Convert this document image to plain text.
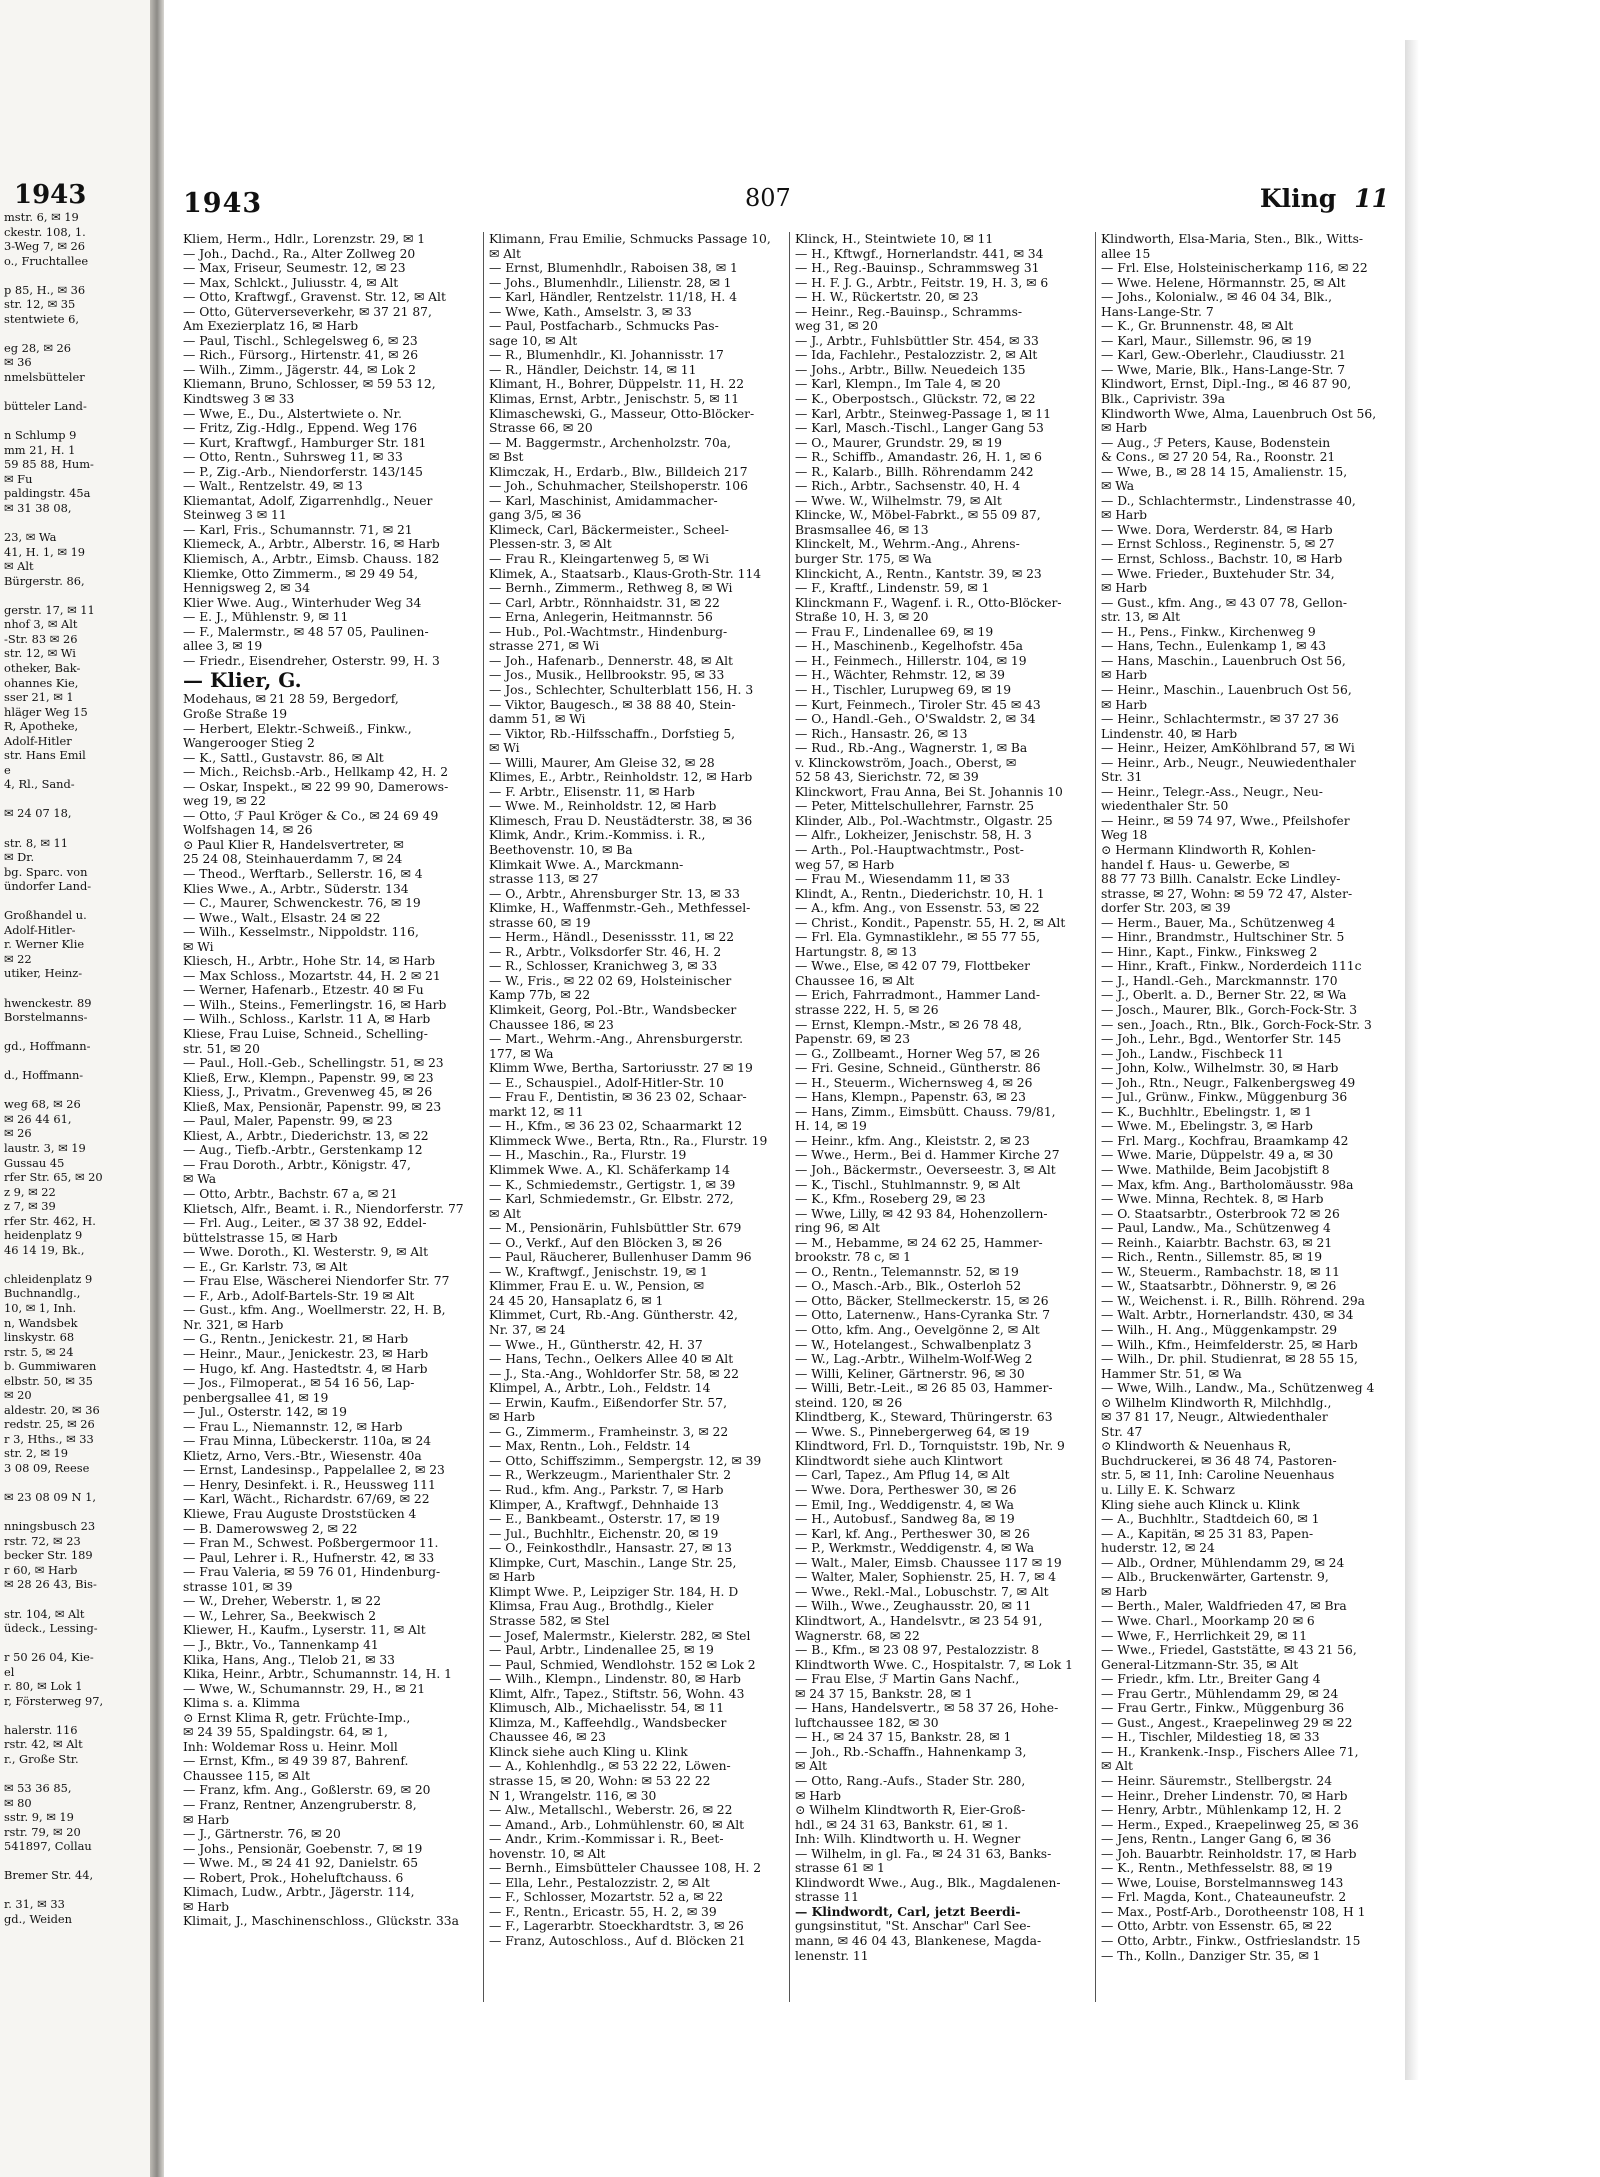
1943
mstr. 6, ✉ 19
ckestr. 108, 1.
3-Weg 7, ✉ 26
o., Fruchtallee

p 85, H., ✉ 36
str. 12, ✉ 35
stentwiete 6,

eg 28, ✉ 26
✉ 36
nmelsbütteler

bütteler Land-

n Schlump 9
mm 21, H. 1
59 85 88, Hum-
✉ Fu
paldingstr. 45a
✉ 31 38 08,

23, ✉ Wa
41, H. 1, ✉ 19
✉ Alt
Bürgerstr. 86,

gerstr. 17, ✉ 11
nhof 3, ✉ Alt
-Str. 83 ✉ 26
str. 12, ✉ Wi
otheker, Bak-
ohannes Kie,
sser 21, ✉ 1
hläger Weg 15
Ɍ, Apotheke,
Adolf-Hitler
str. Hans Emil
e
4, Rl., Sand-

✉ 24 07 18,

str. 8, ✉ 11
✉ Dr.
bg. Sparc. von
ündorfer Land-

Großhandel u.
Adolf-Hitler-
r. Werner Klie
✉ 22
utiker, Heinz-

hwenckestr. 89
Borstelmanns-

gd., Hoffmann-

d., Hoffmann-

weg 68, ✉ 26
✉ 26 44 61,
✉ 26
laustr. 3, ✉ 19
Gussau 45
rfer Str. 65, ✉ 20
z 9, ✉ 22
z 7, ✉ 39
rfer Str. 462, H.
heidenplatz 9
46 14 19, Bk.,

chleidenplatz 9
Buchnandlg.,
10, ✉ 1, Inh.
n, Wandsbek
linskystr. 68
rstr. 5, ✉ 24
b. Gummiwaren
elbstr. 50, ✉ 35
✉ 20
aldestr. 20, ✉ 36
redstr. 25, ✉ 26
r 3, Hths., ✉ 33
str. 2, ✉ 19
3 08 09, Reese

✉ 23 08 09 N 1,

nningsbusch 23
rstr. 72, ✉ 23
becker Str. 189
r 60, ✉ Harb
✉ 28 26 43, Bis-

str. 104, ✉ Alt
üdeck., Lessing-

r 50 26 04, Kie-
el
r. 80, ✉ Lok 1
r, Försterweg 97,

halerstr. 116
rstr. 42, ✉ Alt
r., Große Str.

✉ 53 36 85,
✉ 80
sstr. 9, ✉ 19
rstr. 79, ✉ 20
541897, Collau

Bremer Str. 44,

r. 31, ✉ 33
gd., Weiden
1943	807	Kling 11
Kliem, Herm., Hdlr., Lorenzstr. 29, ✉ 1
— Joh., Dachd., Ra., Alter Zollweg 20
— Max, Friseur, Seumestr. 12, ✉ 23
— Max, Schlckt., Juliusstr. 4, ✉ Alt
— Otto, Kraftwgf., Gravenst. Str. 12, ✉ Alt
— Otto, Güterverseverkehr, ✉ 37 21 87,
Am Exezierplatz 16, ✉ Harb
— Paul, Tischl., Schlegelsweg 6, ✉ 23
— Rich., Fürsorg., Hirtenstr. 41, ✉ 26
— Wilh., Zimm., Jägerstr. 44, ✉ Lok 2
Kliemann, Bruno, Schlosser, ✉ 59 53 12,
Kindtsweg 3 ✉ 33
— Wwe, E., Du., Alstertwiete o. Nr.
— Fritz, Zig.-Hdlg., Eppend. Weg 176
— Kurt, Kraftwgf., Hamburger Str. 181
— Otto, Rentn., Suhrsweg 11, ✉ 33
— P., Zig.-Arb., Niendorferstr. 143/145
— Walt., Rentzelstr. 49, ✉ 13
Kliemantat, Adolf, Zigarrenhdlg., Neuer
Steinweg 3 ✉ 11
— Karl, Fris., Schumannstr. 71, ✉ 21
Kliemeck, A., Arbtr., Alberstr. 16, ✉ Harb
Kliemisch, A., Arbtr., Eimsb. Chauss. 182
Kliemke, Otto Zimmerm., ✉ 29 49 54,
Hennigsweg 2, ✉ 34
Klier Wwe. Aug., Winterhuder Weg 34
— E. J., Mühlenstr. 9, ✉ 11
— F., Malermstr., ✉ 48 57 05, Paulinen-
allee 3, ✉ 19
— Friedr., Eisendreher, Osterstr. 99, H. 3
— Klier, G.
Modehaus, ✉ 21 28 59, Bergedorf,
Große Straße 19
— Herbert, Elektr.-Schweiß., Finkw.,
Wangerooger Stieg 2
— K., Sattl., Gustavstr. 86, ✉ Alt
— Mich., Reichsb.-Arb., Hellkamp 42, H. 2
— Oskar, Inspekt., ✉ 22 99 90, Damerows-
weg 19, ✉ 22
— Otto, ℱ Paul Kröger & Co., ✉ 24 69 49
Wolfshagen 14, ✉ 26
⊙ Paul Klier Ɍ, Handelsvertreter, ✉
25 24 08, Steinhauerdamm 7, ✉ 24
— Theod., Werftarb., Sellerstr. 16, ✉ 4
Klies Wwe., A., Arbtr., Süderstr. 134
— C., Maurer, Schwenckestr. 76, ✉ 19
— Wwe., Walt., Elsastr. 24 ✉ 22
— Wilh., Kesselmstr., Nippoldstr. 116,
✉ Wi
Kliesch, H., Arbtr., Hohe Str. 14, ✉ Harb
— Max Schloss., Mozartstr. 44, H. 2 ✉ 21
— Werner, Hafenarb., Etzestr. 40 ✉ Fu
— Wilh., Steins., Femerlingstr. 16, ✉ Harb
— Wilh., Schloss., Karlstr. 11 A, ✉ Harb
Kliese, Frau Luise, Schneid., Schelling-
str. 51, ✉ 20
— Paul., Holl.-Geb., Schellingstr. 51, ✉ 23
Kließ, Erw., Klempn., Papenstr. 99, ✉ 23
Kliess, J., Privatm., Grevenweg 45, ✉ 26
Kließ, Max, Pensionär, Papenstr. 99, ✉ 23
— Paul, Maler, Papenstr. 99, ✉ 23
Kliest, A., Arbtr., Diederichstr. 13, ✉ 22
— Aug., Tiefb.-Arbtr., Gerstenkamp 12
— Frau Doroth., Arbtr., Königstr. 47,
✉ Wa
— Otto, Arbtr., Bachstr. 67 a, ✉ 21
Klietsch, Alfr., Beamt. i. R., Niendorferstr. 77
— Frl. Aug., Leiter., ✉ 37 38 92, Eddel-
büttelstrasse 15, ✉ Harb
— Wwe. Doroth., Kl. Westerstr. 9, ✉ Alt
— E., Gr. Karlstr. 73, ✉ Alt
— Frau Else, Wäscherei Niendorfer Str. 77
— F., Arb., Adolf-Bartels-Str. 19 ✉ Alt
— Gust., kfm. Ang., Woellmerstr. 22, H. B,
Nr. 321, ✉ Harb
— G., Rentn., Jenickestr. 21, ✉ Harb
— Heinr., Maur., Jenickestr. 23, ✉ Harb
— Hugo, kf. Ang. Hastedtstr. 4, ✉ Harb
— Jos., Filmoperat., ✉ 54 16 56, Lap-
penbergsallee 41, ✉ 19
— Jul., Osterstr. 142, ✉ 19
— Frau L., Niemannstr. 12, ✉ Harb
— Frau Minna, Lübeckerstr. 110a, ✉ 24
Klietz, Arno, Vers.-Btr., Wiesenstr. 40a
— Ernst, Landesinsp., Pappelallee 2, ✉ 23
— Henry, Desinfekt. i. R., Heussweg 111
— Karl, Wächt., Richardstr. 67/69, ✉ 22
Kliewe, Frau Auguste Droststücken 4
— B. Damerowsweg 2, ✉ 22
— Fran M., Schwest. Poßbergermoor 11.
— Paul, Lehrer i. R., Hufnerstr. 42, ✉ 33
— Frau Valeria, ✉ 59 76 01, Hindenburg-
strasse 101, ✉ 39
— W., Dreher, Weberstr. 1, ✉ 22
— W., Lehrer, Sa., Beekwisch 2
Kliewer, H., Kaufm., Lyserstr. 11, ✉ Alt
— J., Bktr., Vo., Tannenkamp 41
Klika, Hans, Ang., Tlelob 21, ✉ 33
Klika, Heinr., Arbtr., Schumannstr. 14, H. 1
— Wwe, W., Schumannstr. 29, H., ✉ 21
Klima s. a. Klimma
⊙ Ernst Klima Ɍ, getr. Früchte-Imp.,
✉ 24 39 55, Spaldingstr. 64, ✉ 1,
Inh: Woldemar Ross u. Heinr. Moll
— Ernst, Kfm., ✉ 49 39 87, Bahrenf.
Chaussee 115, ✉ Alt
— Franz, kfm. Ang., Goßlerstr. 69, ✉ 20
— Franz, Rentner, Anzengruberstr. 8,
✉ Harb
— J., Gärtnerstr. 76, ✉ 20
— Johs., Pensionär, Goebenstr. 7, ✉ 19
— Wwe. M., ✉ 24 41 92, Danielstr. 65
— Robert, Prok., Hoheluftchauss. 6
Klimach, Ludw., Arbtr., Jägerstr. 114,
✉ Harb
Klimait, J., Maschinenschloss., Glückstr. 33a
Klimann, Frau Emilie, Schmucks Passage 10,
✉ Alt
— Ernst, Blumenhdlr., Raboisen 38, ✉ 1
— Johs., Blumenhdlr., Lilienstr. 28, ✉ 1
— Karl, Händler, Rentzelstr. 11/18, H. 4
— Wwe, Kath., Amselstr. 3, ✉ 33
— Paul, Postfacharb., Schmucks Pas-
sage 10, ✉ Alt
— R., Blumenhdlr., Kl. Johannisstr. 17
— R., Händler, Deichstr. 14, ✉ 11
Klimant, H., Bohrer, Düppelstr. 11, H. 22
Klimas, Ernst, Arbtr., Jenischstr. 5, ✉ 11
Klimaschewski, G., Masseur, Otto-Blöcker-
Strasse 66, ✉ 20
— M. Baggermstr., Archenholzstr. 70a,
✉ Bst
Klimczak, H., Erdarb., Blw., Billdeich 217
— Joh., Schuhmacher, Steilshoperstr. 106
— Karl, Maschinist, Amidammacher-
gang 3/5, ✉ 36
Klimeck, Carl, Bäckermeister., Scheel-
Plessen-str. 3, ✉ Alt
— Frau R., Kleingartenweg 5, ✉ Wi
Klimek, A., Staatsarb., Klaus-Groth-Str. 114
— Bernh., Zimmerm., Rethweg 8, ✉ Wi
— Carl, Arbtr., Rönnhaidstr. 31, ✉ 22
— Erna, Anlegerin, Heitmannstr. 56
— Hub., Pol.-Wachtmstr., Hindenburg-
strasse 271, ✉ Wi
— Joh., Hafenarb., Dennerstr. 48, ✉ Alt
— Jos., Musik., Hellbrookstr. 95, ✉ 33
— Jos., Schlechter, Schulterblatt 156, H. 3
— Viktor, Baugesch., ✉ 38 88 40, Stein-
damm 51, ✉ Wi
— Viktor, Rb.-Hilfsschaffn., Dorfstieg 5,
✉ Wi
— Willi, Maurer, Am Gleise 32, ✉ 28
Klimes, E., Arbtr., Reinholdstr. 12, ✉ Harb
— F. Arbtr., Elisenstr. 11, ✉ Harb
— Wwe. M., Reinholdstr. 12, ✉ Harb
Klimesch, Frau D. Neustädterstr. 38, ✉ 36
Klimk, Andr., Krim.-Kommiss. i. R.,
Beethovenstr. 10, ✉ Ba
Klimkait Wwe. A., Marckmann-
strasse 113, ✉ 27
— O., Arbtr., Ahrensburger Str. 13, ✉ 33
Klimke, H., Waffenmstr.-Geh., Methfessel-
strasse 60, ✉ 19
— Herm., Händl., Desenissstr. 11, ✉ 22
— R., Arbtr., Volksdorfer Str. 46, H. 2
— R., Schlosser, Kranichweg 3, ✉ 33
— W., Fris., ✉ 22 02 69, Holsteinischer
Kamp 77b, ✉ 22
Klimkeit, Georg, Pol.-Btr., Wandsbecker
Chaussee 186, ✉ 23
— Mart., Wehrm.-Ang., Ahrensburgerstr.
177, ✉ Wa
Klimm Wwe, Bertha, Sartoriusstr. 27 ✉ 19
— E., Schauspiel., Adolf-Hitler-Str. 10
— Frau F., Dentistin, ✉ 36 23 02, Schaar-
markt 12, ✉ 11
— H., Kfm., ✉ 36 23 02, Schaarmarkt 12
Klimmeck Wwe., Berta, Rtn., Ra., Flurstr. 19
— H., Maschin., Ra., Flurstr. 19
Klimmek Wwe. A., Kl. Schäferkamp 14
— K., Schmiedemstr., Gertigstr. 1, ✉ 39
— Karl, Schmiedemstr., Gr. Elbstr. 272,
✉ Alt
— M., Pensionärin, Fuhlsbüttler Str. 679
— O., Verkf., Auf den Blöcken 3, ✉ 26
— Paul, Räucherer, Bullenhuser Damm 96
— W., Kraftwgf., Jenischstr. 19, ✉ 1
Klimmer, Frau E. u. W., Pension, ✉
24 45 20, Hansaplatz 6, ✉ 1
Klimmet, Curt, Rb.-Ang. Güntherstr. 42,
Nr. 37, ✉ 24
— Wwe., H., Güntherstr. 42, H. 37
— Hans, Techn., Oelkers Allee 40 ✉ Alt
— J., Sta.-Ang., Wohldorfer Str. 58, ✉ 22
Klimpel, A., Arbtr., Loh., Feldstr. 14
— Erwin, Kaufm., Eißendorfer Str. 57,
✉ Harb
— G., Zimmerm., Framheinstr. 3, ✉ 22
— Max, Rentn., Loh., Feldstr. 14
— Otto, Schiffszimm., Sempergstr. 12, ✉ 39
— R., Werkzeugm., Marienthaler Str. 2
— Rud., kfm. Ang., Parkstr. 7, ✉ Harb
Klimper, A., Kraftwgf., Dehnhaide 13
— E., Bankbeamt., Osterstr. 17, ✉ 19
— Jul., Buchhltr., Eichenstr. 20, ✉ 19
— O., Feinkosthdlr., Hansastr. 27, ✉ 13
Klimpke, Curt, Maschin., Lange Str. 25,
✉ Harb
Klimpt Wwe. P., Leipziger Str. 184, H. D
Klimsa, Frau Aug., Brothdlg., Kieler
Strasse 582, ✉ Stel
— Josef, Malermstr., Kielerstr. 282, ✉ Stel
— Paul, Arbtr., Lindenallee 25, ✉ 19
— Paul, Schmied, Wendlohstr. 152 ✉ Lok 2
— Wilh., Klempn., Lindenstr. 80, ✉ Harb
Klimt, Alfr., Tapez., Stiftstr. 56, Wohn. 43
Klimusch, Alb., Michaelisstr. 54, ✉ 11
Klimza, M., Kaffeehdlg., Wandsbecker
Chaussee 46, ✉ 23
Klinck siehe auch Kling u. Klink
— A., Kohlenhdlg., ✉ 53 22 22, Löwen-
strasse 15, ✉ 20, Wohn: ✉ 53 22 22
N 1, Wrangelstr. 116, ✉ 30
— Alw., Metallschl., Weberstr. 26, ✉ 22
— Amand., Arb., Lohmühlenstr. 60, ✉ Alt
— Andr., Krim.-Kommissar i. R., Beet-
hovenstr. 10, ✉ Alt
— Bernh., Eimsbütteler Chaussee 108, H. 2
— Ella, Lehr., Pestalozzistr. 2, ✉ Alt
— F., Schlosser, Mozartstr. 52 a, ✉ 22
— F., Rentn., Ericastr. 55, H. 2, ✉ 39
— F., Lagerarbtr. Stoeckhardtstr. 3, ✉ 26
— Franz, Autoschloss., Auf d. Blöcken 21
Klinck, H., Steintwiete 10, ✉ 11
— H., Kftwgf., Hornerlandstr. 441, ✉ 34
— H., Reg.-Bauinsp., Schrammsweg 31
— H. F. J. G., Arbtr., Feitstr. 19, H. 3, ✉ 6
— H. W., Rückertstr. 20, ✉ 23
— Heinr., Reg.-Bauinsp., Schramms-
weg 31, ✉ 20
— J., Arbtr., Fuhlsbüttler Str. 454, ✉ 33
— Ida, Fachlehr., Pestalozzistr. 2, ✉ Alt
— Johs., Arbtr., Billw. Neuedeich 135
— Karl, Klempn., Im Tale 4, ✉ 20
— K., Oberpostsch., Glückstr. 72, ✉ 22
— Karl, Arbtr., Steinweg-Passage 1, ✉ 11
— Karl, Masch.-Tischl., Langer Gang 53
— O., Maurer, Grundstr. 29, ✉ 19
— R., Schiffb., Amandastr. 26, H. 1, ✉ 6
— R., Kalarb., Billh. Röhrendamm 242
— Rich., Arbtr., Sachsenstr. 40, H. 4
— Wwe. W., Wilhelmstr. 79, ✉ Alt
Klincke, W., Möbel-Fabrkt., ✉ 55 09 87,
Brasmsallee 46, ✉ 13
Klinckelt, M., Wehrm.-Ang., Ahrens-
burger Str. 175, ✉ Wa
Klinckicht, A., Rentn., Kantstr. 39, ✉ 23
— F., Kraftf., Lindenstr. 59, ✉ 1
Klinckmann F., Wagenf. i. R., Otto-Blöcker-
Straße 10, H. 3, ✉ 20
— Frau F., Lindenallee 69, ✉ 19
— H., Maschinenb., Kegelhofstr. 45a
— H., Feinmech., Hillerstr. 104, ✉ 19
— H., Wächter, Rehmstr. 12, ✉ 39
— H., Tischler, Lurupweg 69, ✉ 19
— Kurt, Feinmech., Tiroler Str. 45 ✉ 43
— O., Handl.-Geh., O'Swaldstr. 2, ✉ 34
— Rich., Hansastr. 26, ✉ 13
— Rud., Rb.-Ang., Wagnerstr. 1, ✉ Ba
v. Klinckowström, Joach., Oberst, ✉
52 58 43, Sierichstr. 72, ✉ 39
Klinckwort, Frau Anna, Bei St. Johannis 10
— Peter, Mittelschullehrer, Farnstr. 25
Klinder, Alb., Pol.-Wachtmstr., Olgastr. 25
— Alfr., Lokheizer, Jenischstr. 58, H. 3
— Arth., Pol.-Hauptwachtmstr., Post-
weg 57, ✉ Harb
— Frau M., Wiesendamm 11, ✉ 33
Klindt, A., Rentn., Diederichstr. 10, H. 1
— A., kfm. Ang., von Essenstr. 53, ✉ 22
— Christ., Kondit., Papenstr. 55, H. 2, ✉ Alt
— Frl. Ela. Gymnastiklehr., ✉ 55 77 55,
Hartungstr. 8, ✉ 13
— Wwe., Else, ✉ 42 07 79, Flottbeker
Chaussee 16, ✉ Alt
— Erich, Fahrradmont., Hammer Land-
strasse 222, H. 5, ✉ 26
— Ernst, Klempn.-Mstr., ✉ 26 78 48,
Papenstr. 69, ✉ 23
— G., Zollbeamt., Horner Weg 57, ✉ 26
— Fri. Gesine, Schneid., Güntherstr. 86
— H., Steuerm., Wichernsweg 4, ✉ 26
— Hans, Klempn., Papenstr. 63, ✉ 23
— Hans, Zimm., Eimsbütt. Chauss. 79/81,
H. 14, ✉ 19
— Heinr., kfm. Ang., Kleiststr. 2, ✉ 23
— Wwe., Herm., Bei d. Hammer Kirche 27
— Joh., Bäckermstr., Oeverseestr. 3, ✉ Alt
— K., Tischl., Stuhlmannstr. 9, ✉ Alt
— K., Kfm., Roseberg 29, ✉ 23
— Wwe, Lilly, ✉ 42 93 84, Hohenzollern-
ring 96, ✉ Alt
— M., Hebamme, ✉ 24 62 25, Hammer-
brookstr. 78 c, ✉ 1
— O., Rentn., Telemannstr. 52, ✉ 19
— O., Masch.-Arb., Blk., Osterloh 52
— Otto, Bäcker, Stellmeckerstr. 15, ✉ 26
— Otto, Laternenw., Hans-Cyranka Str. 7
— Otto, kfm. Ang., Oevelgönne 2, ✉ Alt
— W., Hotelangest., Schwalbenplatz 3
— W., Lag.-Arbtr., Wilhelm-Wolf-Weg 2
— Willi, Keliner, Gärtnerstr. 96, ✉ 30
— Willi, Betr.-Leit., ✉ 26 85 03, Hammer-
steind. 120, ✉ 26
Klindtberg, K., Steward, Thüringerstr. 63
— Wwe. S., Pinnebergerweg 64, ✉ 19
Klindtword, Frl. D., Tornquiststr. 19b, Nr. 9
Klindtwordt siehe auch Klintwort
— Carl, Tapez., Am Pflug 14, ✉ Alt
— Wwe. Dora, Pertheswег 30, ✉ 26
— Emil, Ing., Weddigenstr. 4, ✉ Wa
— H., Autobusf., Sandweg 8a, ✉ 19
— Karl, kf. Ang., Pertheswег 30, ✉ 26
— P., Werkmstr., Weddigenstr. 4, ✉ Wa
— Walt., Maler, Eimsb. Chaussee 117 ✉ 19
— Walter, Maler, Sophienstr. 25, H. 7, ✉ 4
— Wwe., Rekl.-Mal., Lobuschstr. 7, ✉ Alt
— Wilh., Wwe., Zeughausstr. 20, ✉ 11
Klindtwort, A., Handelsvtr., ✉ 23 54 91,
Wagnerstr. 68, ✉ 22
— B., Kfm., ✉ 23 08 97, Pestalozzistr. 8
Klindtworth Wwe. C., Hospitalstr. 7, ✉ Lok 1
— Frau Else, ℱ Martin Gans Nachf.,
✉ 24 37 15, Bankstr. 28, ✉ 1
— Hans, Handelsvertr., ✉ 58 37 26, Hohe-
luftchaussee 182, ✉ 30
— H., ✉ 24 37 15, Bankstr. 28, ✉ 1
— Joh., Rb.-Schaffn., Hahnenkamp 3,
✉ Alt
— Otto, Rang.-Aufs., Stader Str. 280,
✉ Harb
⊙ Wilhelm Klindtworth Ɍ, Eier-Groß-
hdl., ✉ 24 31 63, Bankstr. 61, ✉ 1.
Inh: Wilh. Klindtworth u. H. Wegner
— Wilhelm, in gl. Fa., ✉ 24 31 63, Banks-
strasse 61 ✉ 1
Klindwordt Wwe., Aug., Blk., Magdalenen-
strasse 11
— Klindwordt, Carl, jetzt Beerdi-
gungsinstitut, "St. Anschar" Carl See-
mann, ✉ 46 04 43, Blankenese, Magda-
lenenstr. 11
Klindworth, Elsa-Maria, Sten., Blk., Witts-
allee 15
— Frl. Else, Holsteinischerkamp 116, ✉ 22
— Wwe. Helene, Hörmannstr. 25, ✉ Alt
— Johs., Kolonialw., ✉ 46 04 34, Blk.,
Hans-Lange-Str. 7
— K., Gr. Brunnenstr. 48, ✉ Alt
— Karl, Maur., Sillemstr. 96, ✉ 19
— Karl, Gew.-Oberlehr., Claudiusstr. 21
— Wwe, Marie, Blk., Hans-Lange-Str. 7
Klindwort, Ernst, Dipl.-Ing., ✉ 46 87 90,
Blk., Caprivistr. 39a
Klindworth Wwe, Alma, Lauenbruch Ost 56,
✉ Harb
— Aug., ℱ Peters, Kause, Bodenstein
& Cons., ✉ 27 20 54, Ra., Roonstr. 21
— Wwe, B., ✉ 28 14 15, Amalienstr. 15,
✉ Wa
— D., Schlachtermstr., Lindenstrasse 40,
✉ Harb
— Wwe. Dora, Werderstr. 84, ✉ Harb
— Ernst Schloss., Reginenstr. 5, ✉ 27
— Ernst, Schloss., Bachstr. 10, ✉ Harb
— Wwe. Frieder., Buxtehuder Str. 34,
✉ Harb
— Gust., kfm. Ang., ✉ 43 07 78, Gellon-
str. 13, ✉ Alt
— H., Pens., Finkw., Kirchenweg 9
— Hans, Techn., Eulenkamp 1, ✉ 43
— Hans, Maschin., Lauenbruch Ost 56,
✉ Harb
— Heinr., Maschin., Lauenbruch Ost 56,
✉ Harb
— Heinr., Schlachtermstr., ✉ 37 27 36
Lindenstr. 40, ✉ Harb
— Heinr., Heizer, AmKöhlbrand 57, ✉ Wi
— Heinr., Arb., Neugr., Neuwiedenthaler
Str. 31
— Heinr., Telegr.-Ass., Neugr., Neu-
wiedenthaler Str. 50
— Heinr., ✉ 59 74 97, Wwe., Pfeilshofer
Weg 18
⊙ Hermann Klindworth Ɍ, Kohlen-
handel f. Haus- u. Gewerbe, ✉
88 77 73 Billh. Canalstr. Ecke Lindley-
strasse, ✉ 27, Wohn: ✉ 59 72 47, Alster-
dorfer Str. 203, ✉ 39
— Herm., Bauer, Ma., Schützenweg 4
— Hinr., Brandmstr., Hultschiner Str. 5
— Hinr., Kapt., Finkw., Finksweg 2
— Hinr., Kraft., Finkw., Norderdeich 111c
— J., Handl.-Geh., Marckmannstr. 170
— J., Oberlt. a. D., Berner Str. 22, ✉ Wa
— Josch., Maurer, Blk., Gorch-Fock-Str. 3
— sen., Joach., Rtn., Blk., Gorch-Fock-Str. 3
— Joh., Lehr., Bgd., Wentorfer Str. 145
— Joh., Landw., Fischbeck 11
— John, Kolw., Wilhelmstr. 30, ✉ Harb
— Joh., Rtn., Neugr., Falkenbergsweg 49
— Jul., Grünw., Finkw., Müggenburg 36
— K., Buchhltr., Ebelingstr. 1, ✉ 1
— Wwe. M., Ebelingstr. 3, ✉ Harb
— Frl. Marg., Kochfrau, Braamkamp 42
— Wwe. Marie, Düppelstr. 49 a, ✉ 30
— Wwe. Mathilde, Beim Jacobjstift 8
— Max, kfm. Ang., Bartholomäusstr. 98a
— Wwe. Minna, Rechtek. 8, ✉ Harb
— O. Staatsarbtr., Osterbrook 72 ✉ 26
— Paul, Landw., Ma., Schützenweg 4
— Reinh., Kaiarbtr. Bachstr. 63, ✉ 21
— Rich., Rentn., Sillemstr. 85, ✉ 19
— W., Steuerm., Rambachstr. 18, ✉ 11
— W., Staatsarbtr., Döhnerstr. 9, ✉ 26
— W., Weichenst. i. R., Billh. Röhrend. 29a
— Walt. Arbtr., Hornerlandstr. 430, ✉ 34
— Wilh., H. Ang., Müggenkampstr. 29
— Wilh., Kfm., Heimfelderstr. 25, ✉ Harb
— Wilh., Dr. phil. Studienrat, ✉ 28 55 15,
Hammer Str. 51, ✉ Wa
— Wwe, Wilh., Landw., Ma., Schützenweg 4
⊙ Wilhelm Klindworth Ɍ, Milchhdlg.,
✉ 37 81 17, Neugr., Altwiedenthaler
Str. 47
⊙ Klindworth & Neuenhaus Ɍ,
Buchdruckerei, ✉ 36 48 74, Pastoren-
str. 5, ✉ 11, Inh: Caroline Neuenhaus
u. Lilly E. K. Schwarz
Kling siehe auch Klinck u. Klink
— A., Buchhltr., Stadtdeich 60, ✉ 1
— A., Kapitän, ✉ 25 31 83, Papen-
huderstr. 12, ✉ 24
— Alb., Ordner, Mühlendamm 29, ✉ 24
— Alb., Bruckenwärter, Gartenstr. 9,
✉ Harb
— Berth., Maler, Waldfrieden 47, ✉ Bra
— Wwe. Charl., Moorkamp 20 ✉ 6
— Wwe, F., Herrlichkeit 29, ✉ 11
— Wwe., Friedel, Gaststätte, ✉ 43 21 56,
General-Litzmann-Str. 35, ✉ Alt
— Friedr., kfm. Ltr., Breiter Gang 4
— Frau Gertr., Mühlendamm 29, ✉ 24
— Frau Gertr., Finkw., Müggenburg 36
— Gust., Angest., Kraepelinweg 29 ✉ 22
— H., Tischler, Mildestieg 18, ✉ 33
— H., Krankenk.-Insp., Fischers Allee 71,
✉ Alt
— Heinr. Säuremstr., Stellbergstr. 24
— Heinr., Dreher Lindenstr. 70, ✉ Harb
— Henry, Arbtr., Mühlenkamp 12, H. 2
— Herm., Exped., Kraepelinweg 25, ✉ 36
— Jens, Rentn., Langer Gang 6, ✉ 36
— Joh. Bauarbtr. Reinholdstr. 17, ✉ Harb
— K., Rentn., Methfesselstr. 88, ✉ 19
— Wwe, Louise, Borstelmannsweg 143
— Frl. Magda, Kont., Chateauneufstr. 2
— Max., Postf-Arb., Dorotheenstr 108, H 1
— Otto, Arbtr. von Essenstr. 65, ✉ 22
— Otto, Arbtr., Finkw., Ostfrieslandstr. 15
— Th., Kolln., Danziger Str. 35, ✉ 1
